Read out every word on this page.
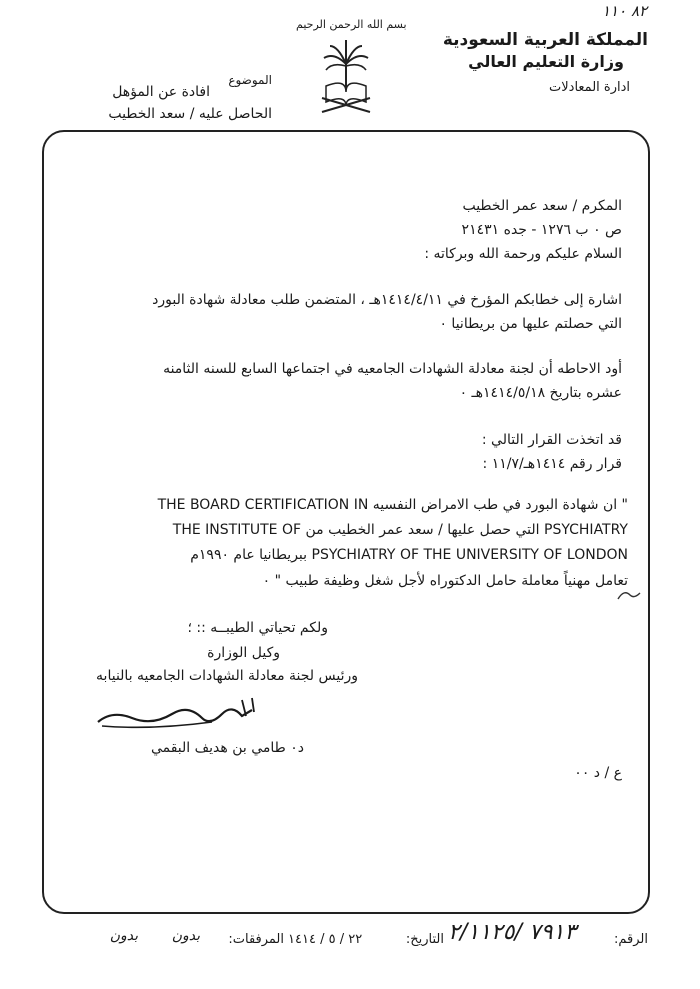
٨٢ ١١٠
بسم الله الرحمن الرحيم
المملكة العربية السعودية
وزارة التعليم العالي
ادارة المعادلات
الموضوع
افادة عن المؤهل
الحاصل عليه / سعد الخطيب
المكرم / سعد عمر الخطيب
ص ٠ ب ١٢٧٦ - جده ٢١٤٣١
السلام عليكم ورحمة الله وبركاته :
اشارة إلى خطابكم المؤرخ في ١٤١٤/٤/١١هـ ، المتضمن طلب معادلة شهادة البورد
التي حصلتم عليها من بريطانيا ٠
أود الاحاطه أن لجنة معادلة الشهادات الجامعيه في اجتماعها السابع للسنه الثامنه
عشره بتاريخ ١٤١٤/٥/١٨هـ ٠
قد اتخذت القرار التالي :
قرار رقم ١٤١٤هـ/١١/٧ :
THE BOARD CERTIFICATION IN " ان شهادة البورد في طب الامراض النفسيه
THE INSTITUTE OF التي حصل عليها / سعد عمر الخطيب من PSYCHIATRY
ببريطانيا عام ١٩٩٠م PSYCHIATRY OF THE UNIVERSITY OF LONDON
تعامل مهنياً معاملة حامل الدكتوراه لأجل شغل وظيفة طبيب " ٠
ولكم تحياتي الطيبــه :: ؛
وكيل الوزارة
ورئيس لجنة معادلة الشهادات الجامعيه بالنيابه
د٠ طامي بن هديف البقمي
ع / د ٠٠
الرقم:
٧٩١٣ /٢/١١٢٥
التاريخ:
٢٢ / ٥ / ١٤١٤
المرفقات:
بدون
بدون
